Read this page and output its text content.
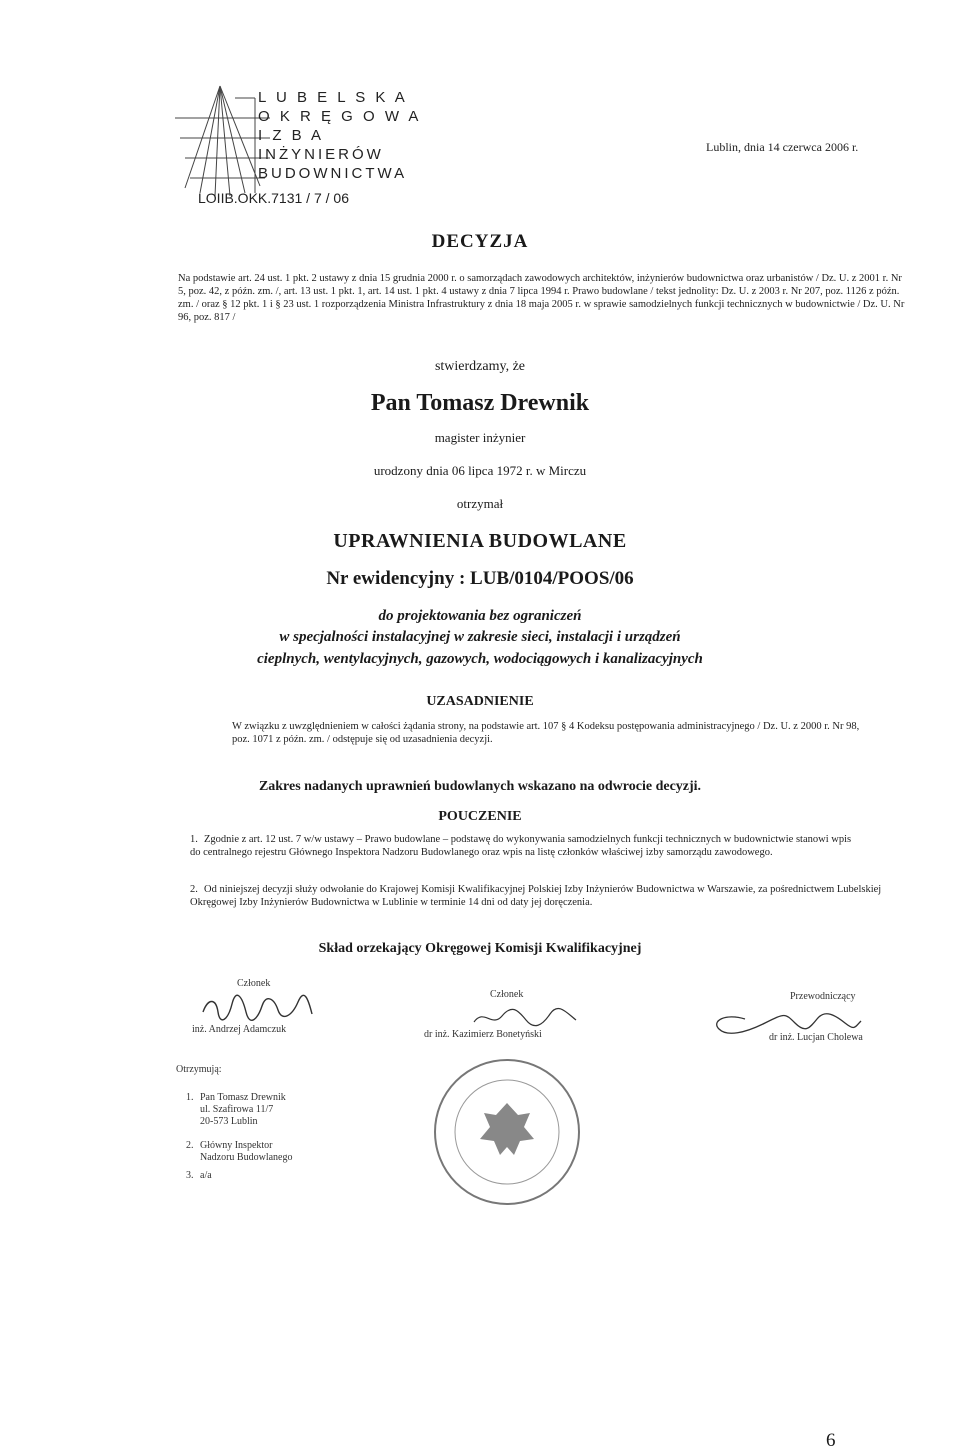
L U B E L S K A
O K R Ę G O W A
I Z B A
INŻYNIERÓW
BUDOWNICTWA
LOIIB.OKK.7131 / 7 / 06
Lublin, dnia 14 czerwca 2006 r.
DECYZJA
Na podstawie art. 24 ust. 1 pkt. 2 ustawy z dnia 15 grudnia 2000 r. o samorządach zawodowych architektów, inżynierów budownictwa oraz urbanistów / Dz. U. z 2001 r. Nr 5, poz. 42, z późn. zm. /, art. 13 ust. 1 pkt. 1, art. 14 ust. 1 pkt. 4 ustawy z dnia 7 lipca 1994 r. Prawo budowlane / tekst jednolity: Dz. U. z 2003 r. Nr 207, poz. 1126 z późn. zm. / oraz § 12 pkt. 1 i § 23 ust. 1 rozporządzenia Ministra Infrastruktury z dnia 18 maja 2005 r. w sprawie samodzielnych funkcji technicznych w budownictwie / Dz. U. Nr 96, poz. 817 /
stwierdzamy, że
Pan Tomasz Drewnik
magister inżynier
urodzony dnia 06 lipca 1972 r. w Mirczu
otrzymał
UPRAWNIENIA BUDOWLANE
Nr ewidencyjny : LUB/0104/POOS/06
do projektowania bez ograniczeń
w specjalności instalacyjnej w zakresie sieci, instalacji i urządzeń
cieplnych, wentylacyjnych, gazowych, wodociągowych i kanalizacyjnych
UZASADNIENIE
W związku z uwzględnieniem w całości żądania strony, na podstawie art. 107 § 4 Kodeksu postępowania administracyjnego / Dz. U. z 2000 r. Nr 98, poz. 1071 z późn. zm. / odstępuje się od uzasadnienia decyzji.
Zakres nadanych uprawnień budowlanych wskazano na odwrocie decyzji.
POUCZENIE
1. Zgodnie z art. 12 ust. 7 w/w ustawy – Prawo budowlane – podstawę do wykonywania samodzielnych funkcji technicznych w budownictwie stanowi wpis do centralnego rejestru Głównego Inspektora Nadzoru Budowlanego oraz wpis na listę członków właściwej izby samorządu zawodowego.
2. Od niniejszej decyzji służy odwołanie do Krajowej Komisji Kwalifikacyjnej Polskiej Izby Inżynierów Budownictwa w Warszawie, za pośrednictwem Lubelskiej Okręgowej Izby Inżynierów Budownictwa w Lublinie w terminie 14 dni od daty jej doręczenia.
Skład orzekający Okręgowej Komisji Kwalifikacyjnej
Członek
inż. Andrzej Adamczuk
Członek
dr inż. Kazimierz Bonetyński
Przewodniczący
dr inż. Lucjan Cholewa
Otrzymują:
1. Pan Tomasz Drewnik
ul. Szafirowa 11/7
20-573 Lublin
2. Główny Inspektor
Nadzoru Budowlanego
3. a/a
6
